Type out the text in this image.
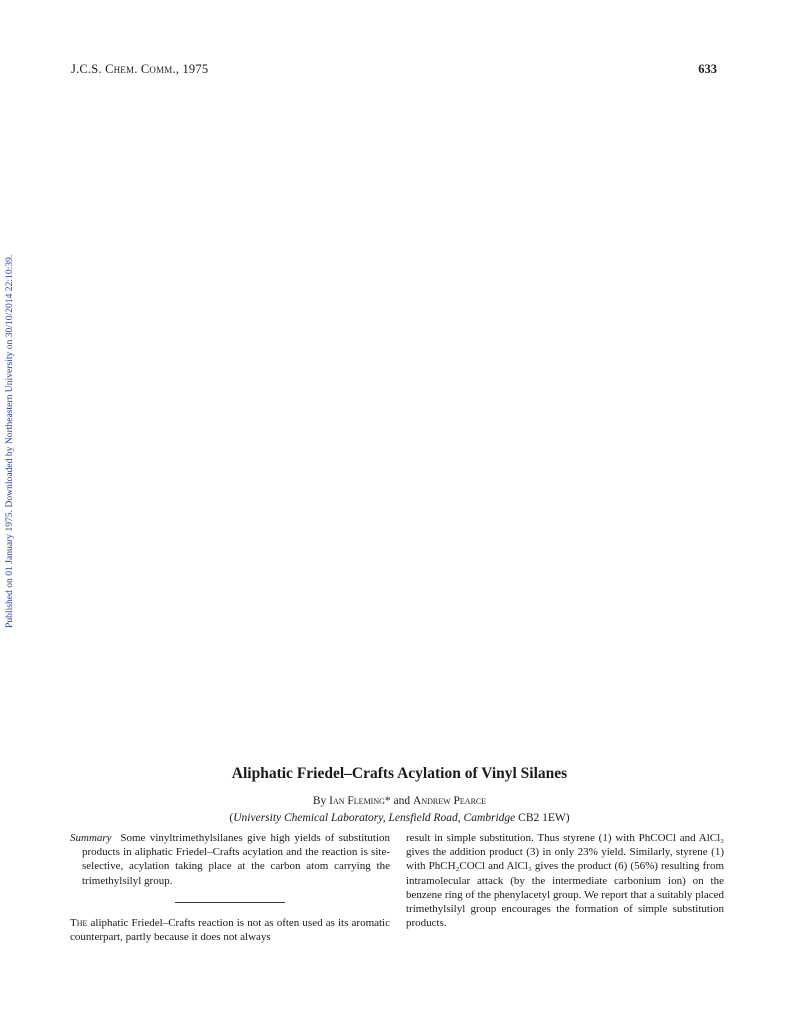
J.C.S. Chem. Comm., 1975	633
Published on 01 January 1975. Downloaded by Northeastern University on 30/10/2014 22:10:39.
Aliphatic Friedel–Crafts Acylation of Vinyl Silanes
By Ian Fleming* and Andrew Pearce
(University Chemical Laboratory, Lensfield Road, Cambridge CB2 1EW)

Summary Some vinyltrimethylsilanes give high yields of substitution products in aliphatic Friedel–Crafts acylation and the reaction is site-selective, acylation taking place at the carbon atom carrying the trimethylsilyl group.

The aliphatic Friedel–Crafts reaction is not as often used as its aromatic counterpart, partly because it does not always

result in simple substitution. Thus styrene (1) with PhCOCl and AlCl₃ gives the addition product (3) in only 23% yield. Similarly, styrene (1) with PhCH₂COCl and AlCl₃ gives the product (6) (56%) resulting from intramolecular attack (by the intermediate carbonium ion) on the benzene ring of the phenylacetyl group. We report that a suitably placed trimethylsilyl group encourages the formation of simple substitution products.
